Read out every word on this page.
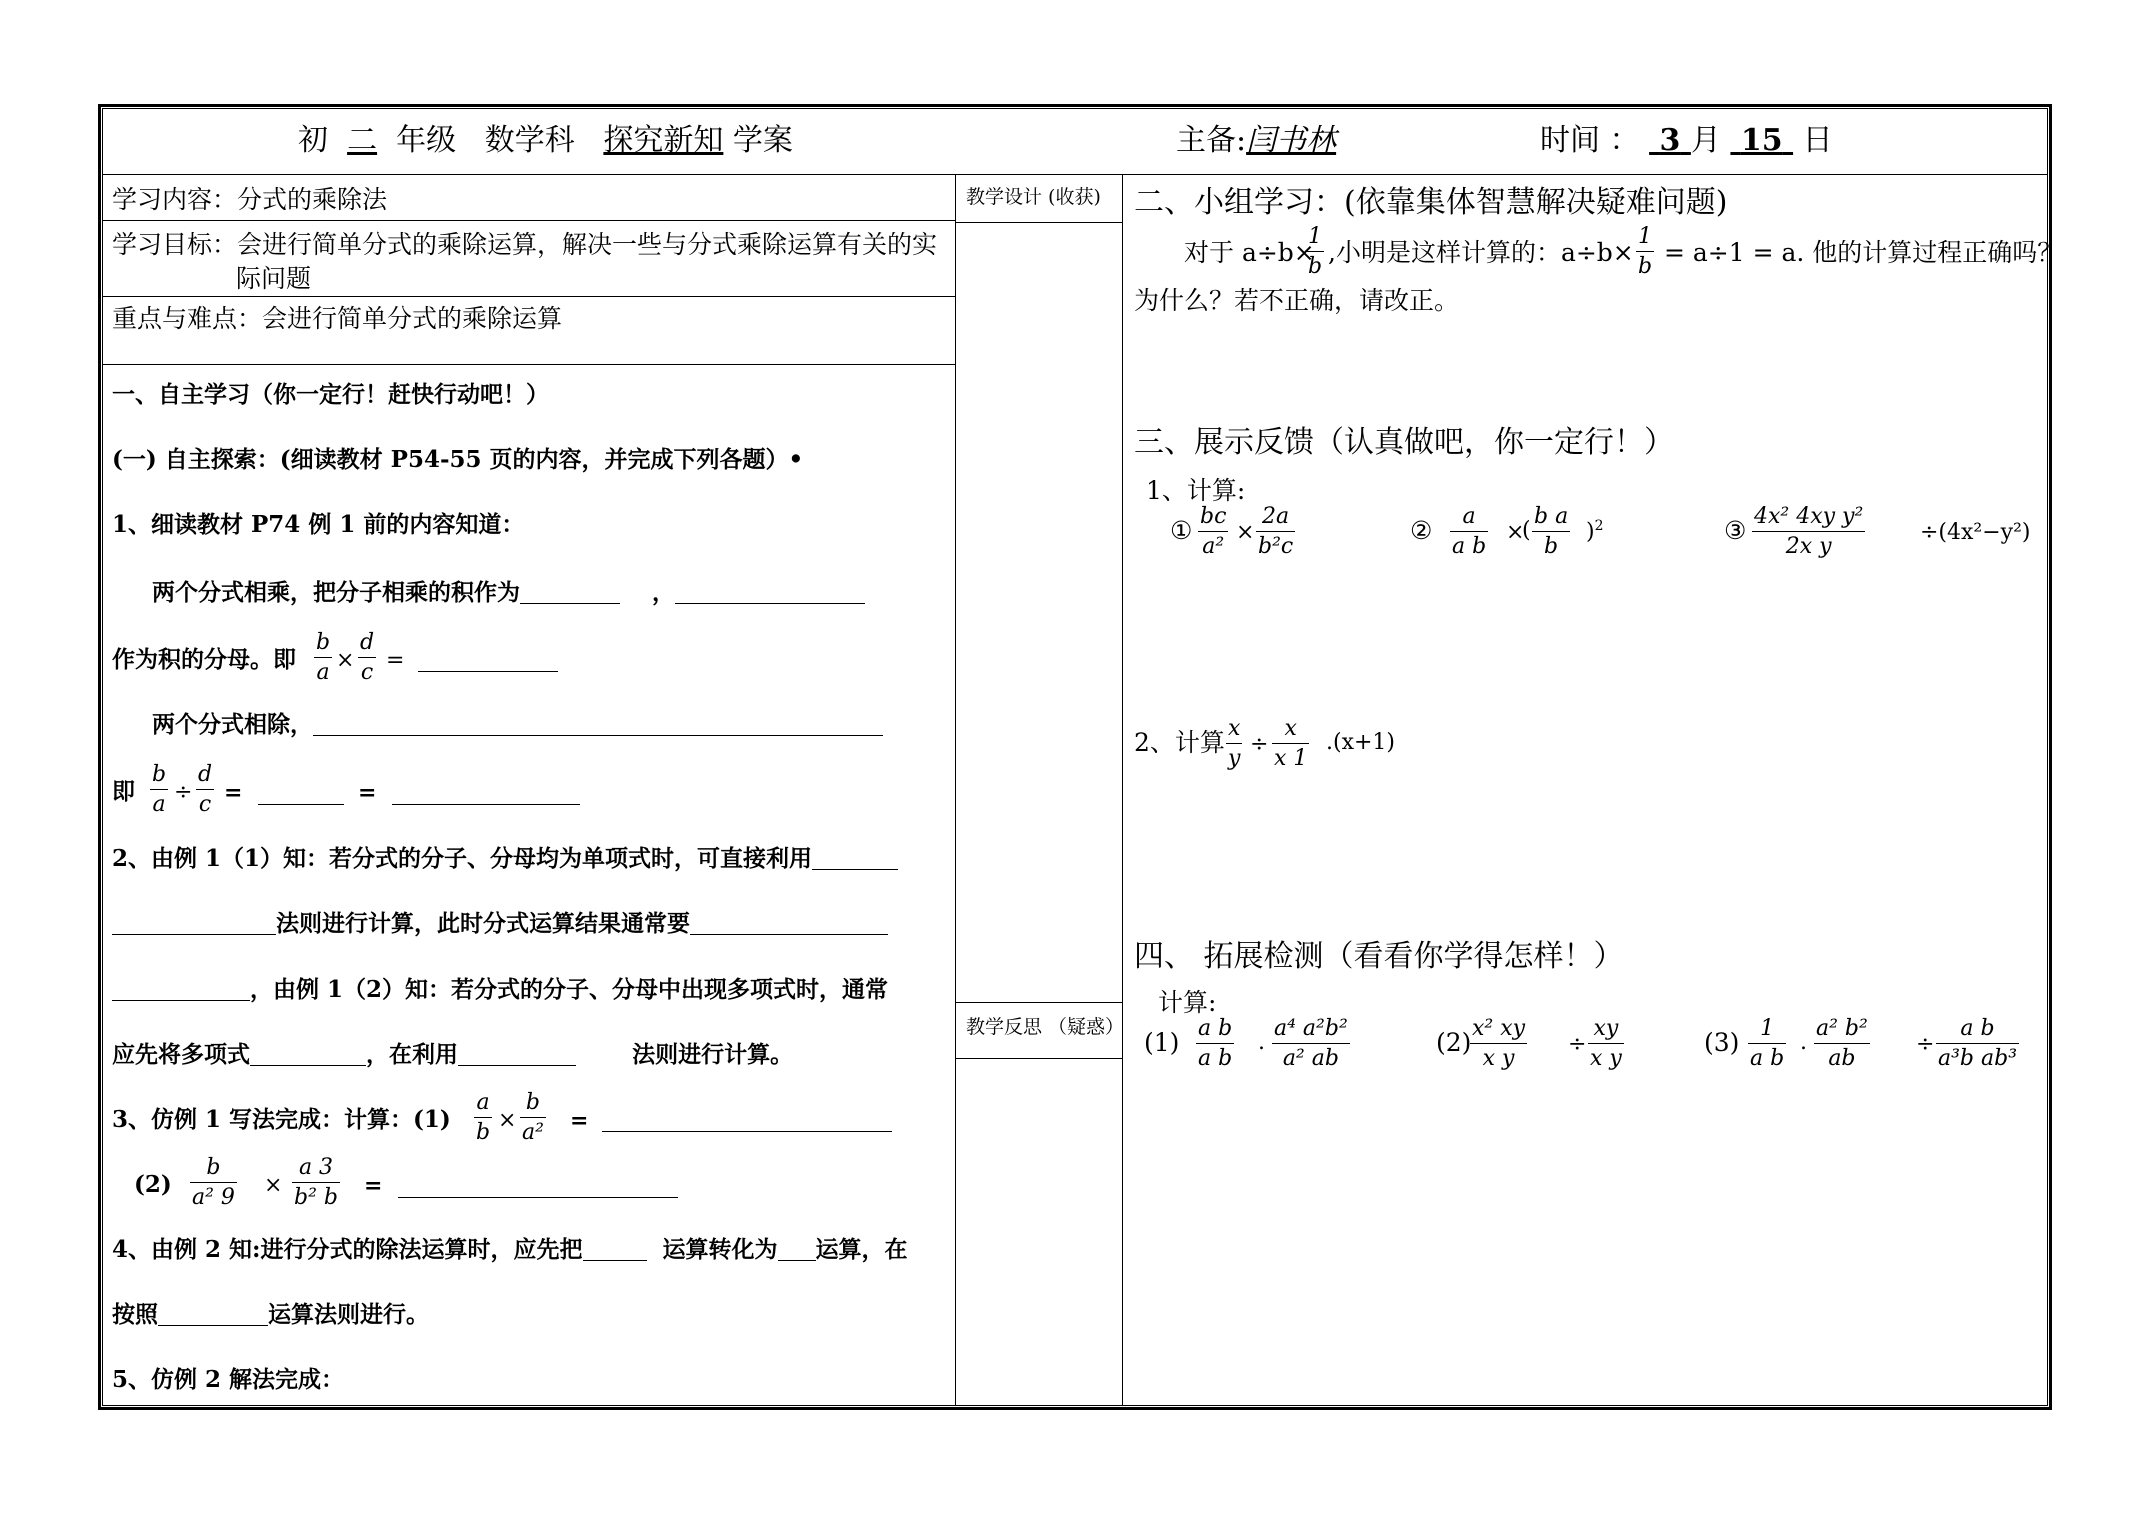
初 二 年级 数学科 探究新知 学案	主备:闫书林	时间 ： 3 月 15 日
学习内容：分式的乘除法
学习目标：会进行简单分式的乘除运算，解决一些与分式乘除运算有关的实
际问题
重点与难点：会进行简单分式的乘除运算
教学设计 (收获)
教学反思 （疑惑）
一、自主学习（你一定行！赶快行动吧！）
(一) 自主探索：(细读教材 P54-55 页的内容，并完成下列各题）•
1、细读教材 P74 例 1 前的内容知道：
两个分式相乘，把分子相乘的积作为	，
作为积的分母。即
b
a ×
d
c =
两个分式相除，
即
b
a ÷
d
c =	=
2、由例 1（1）知：若分式的分子、分母均为单项式时，可直接利用
法则进行计算，此时分式运算结果通常要
，由例 1（2）知：若分式的分子、分母中出现多项式时，通常
应先将多项式	，在利用	法则进行计算。
3、仿例 1 写法完成：计算：(1)
a
b ×
b
a² =
(2)
b
a² 9 ×
a 3
b² b =
4、由例 2 知:进行分式的除法运算时，应先把	运算转化为 运算，在
按照	运算法则进行。
5、仿例 2 解法完成：
二、小组学习：(依靠集体智慧解决疑难问题)
对于 a÷b×
1
b ,小明是这样计算的：a÷b×
1
b = a÷1 = a. 他的计算过程正确吗？
为什么？若不正确，请改正。
三、展示反馈（认真做吧，你一定行！）
1、计算:
① bc
a²
×
2a
b²c
②	a
a b
×
(
b a
b
)$^2$	③ 4x² 4xy y²
2x y
÷(4x²−y²)
2、计算 x
y
÷
x
x 1
.(x+1)
四、 拓展检测（看看你学得怎样！）
计算:
(1) a b
a b
.
a⁴ a²b²
a² ab
(2) x² xy
x y
÷
xy
x y
(3) 1
a b
.
a² b²
ab
÷
a b
a³b ab³
